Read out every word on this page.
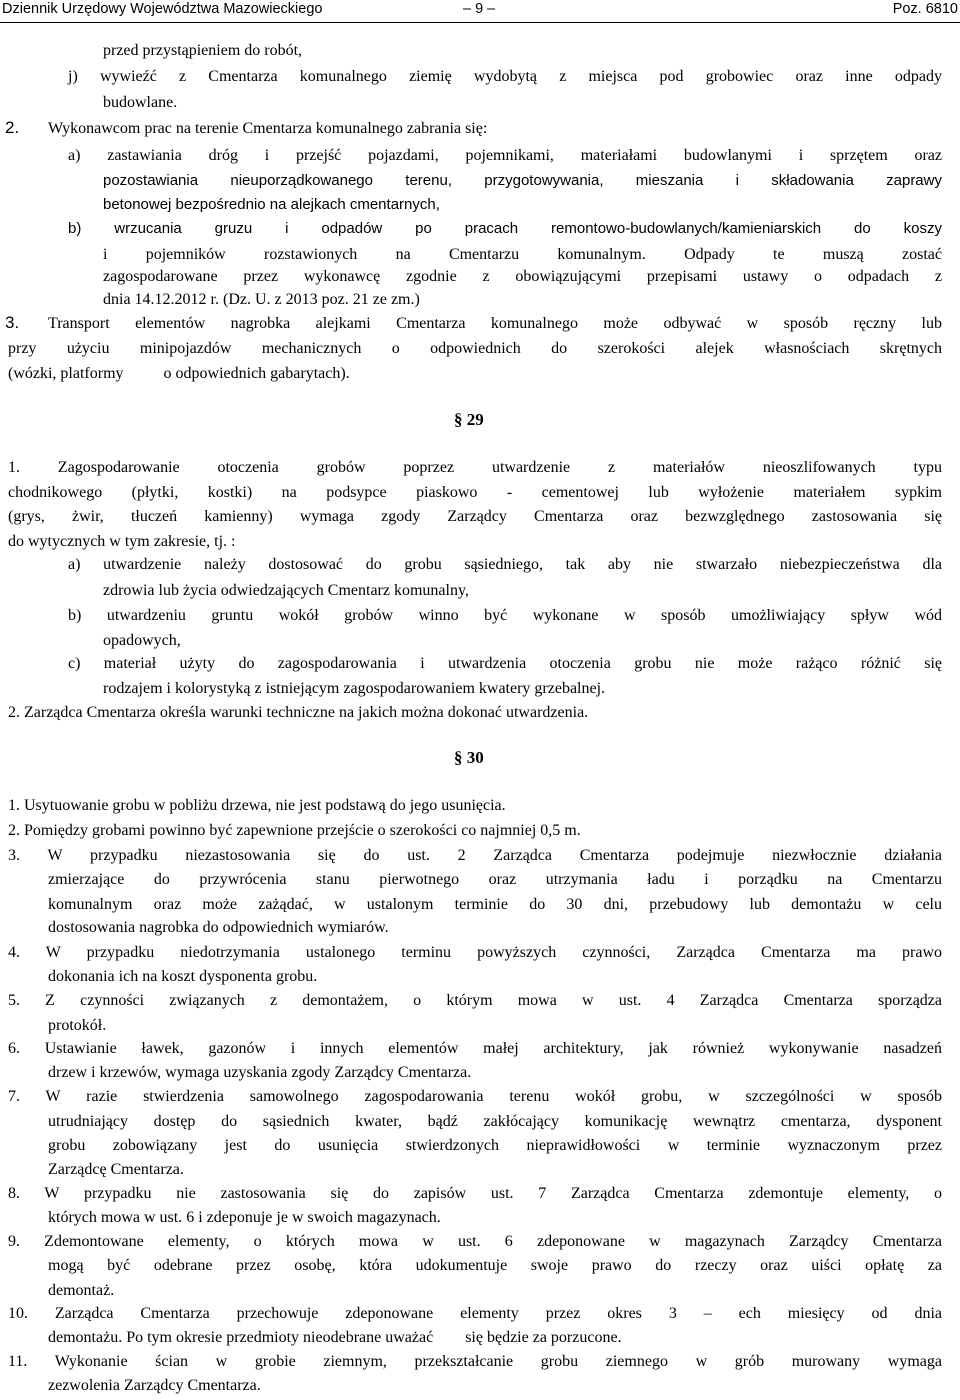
Dziennik Urzędowy Województwa Mazowieckiego	– 9 –	Poz. 6810
przed przystąpieniem do robót,
j) wywieźć z Cmentarza komunalnego ziemię wydobytą z miejsca pod grobowiec oraz inne odpady
budowlane.
2. Wykonawcom prac na terenie Cmentarza komunalnego zabrania się:
a) zastawiania dróg i przejść pojazdami, pojemnikami, materiałami budowlanymi i sprzętem oraz
pozostawiania nieuporządkowanego terenu, przygotowywania, mieszania i składowania zaprawy
betonowej bezpośrednio na alejkach cmentarnych,
b) wrzucania gruzu i odpadów po pracach remontowo-budowlanych/kamieniarskich do koszy
i pojemników rozstawionych na Cmentarzu komunalnym. Odpady te muszą zostać
zagospodarowane przez wykonawcę zgodnie z obowiązującymi przepisami ustawy o odpadach z
dnia 14.12.2012 r. (Dz. U. z 2013 poz. 21 ze zm.)
3. Transport elementów nagrobka alejkami Cmentarza komunalnego może odbywać w sposób ręczny lub
przy użyciu minipojazdów mechanicznych o odpowiednich do szerokości alejek własnościach skrętnych
(wózki, platformy          o odpowiednich gabarytach).
§ 29
1. Zagospodarowanie otoczenia grobów poprzez utwardzenie z materiałów nieoszlifowanych typu
chodnikowego (płytki, kostki) na podsypce piaskowo - cementowej lub wyłożenie materiałem sypkim
(grys, żwir, tłuczeń kamienny) wymaga zgody Zarządcy Cmentarza oraz bezwzględnego zastosowania się
do wytycznych w tym zakresie, tj. :
a) utwardzenie należy dostosować do grobu sąsiedniego, tak aby nie stwarzało niebezpieczeństwa dla
zdrowia lub życia odwiedzających Cmentarz komunalny,
b) utwardzeniu gruntu wokół grobów winno być wykonane w sposób umożliwiający spływ wód
opadowych,
c) materiał użyty do zagospodarowania i utwardzenia otoczenia grobu nie może rażąco różnić się
rodzajem i kolorystyką z istniejącym zagospodarowaniem kwatery grzebalnej.
2. Zarządca Cmentarza określa warunki techniczne na jakich można dokonać utwardzenia.
§ 30
1. Usytuowanie grobu w pobliżu drzewa, nie jest podstawą do jego usunięcia.
2. Pomiędzy grobami powinno być zapewnione przejście o szerokości co najmniej 0,5 m.
3. W przypadku niezastosowania się do ust. 2 Zarządca Cmentarza podejmuje niezwłocznie działania
zmierzające do przywrócenia stanu pierwotnego oraz utrzymania ładu i porządku na Cmentarzu
komunalnym oraz może zażądać, w ustalonym terminie do 30 dni, przebudowy lub demontażu w celu
dostosowania nagrobka do odpowiednich wymiarów.
4. W przypadku niedotrzymania ustalonego terminu powyższych czynności, Zarządca Cmentarza ma prawo
dokonania ich na koszt dysponenta grobu.
5. Z czynności związanych z demontażem, o którym mowa w ust. 4 Zarządca Cmentarza sporządza
protokół.
6. Ustawianie ławek, gazonów i innych elementów małej architektury, jak również wykonywanie nasadzeń
drzew i krzewów, wymaga uzyskania zgody Zarządcy Cmentarza.
7. W razie stwierdzenia samowolnego zagospodarowania terenu wokół grobu, w szczególności w sposób
utrudniający dostęp do sąsiednich kwater, bądź zakłócający komunikację wewnątrz cmentarza, dysponent
grobu zobowiązany jest do usunięcia stwierdzonych nieprawidłowości w terminie wyznaczonym przez
Zarządcę Cmentarza.
8. W przypadku nie zastosowania się do zapisów ust. 7 Zarządca Cmentarza zdemontuje elementy, o
których mowa w ust. 6 i zdeponuje je w swoich magazynach.
9. Zdemontowane elementy, o których mowa w ust. 6 zdeponowane w magazynach Zarządcy Cmentarza
mogą być odebrane przez osobę, która udokumentuje swoje prawo do rzeczy oraz uiści opłatę za
demontaż.
10. Zarządca Cmentarza przechowuje zdeponowane elementy przez okres 3 – ech miesięcy od dnia
demontażu. Po tym okresie przedmioty nieodebrane uważać        się będzie za porzucone.
11. Wykonanie ścian w grobie ziemnym, przekształcanie grobu ziemnego w grób murowany wymaga
zezwolenia Zarządcy Cmentarza.
